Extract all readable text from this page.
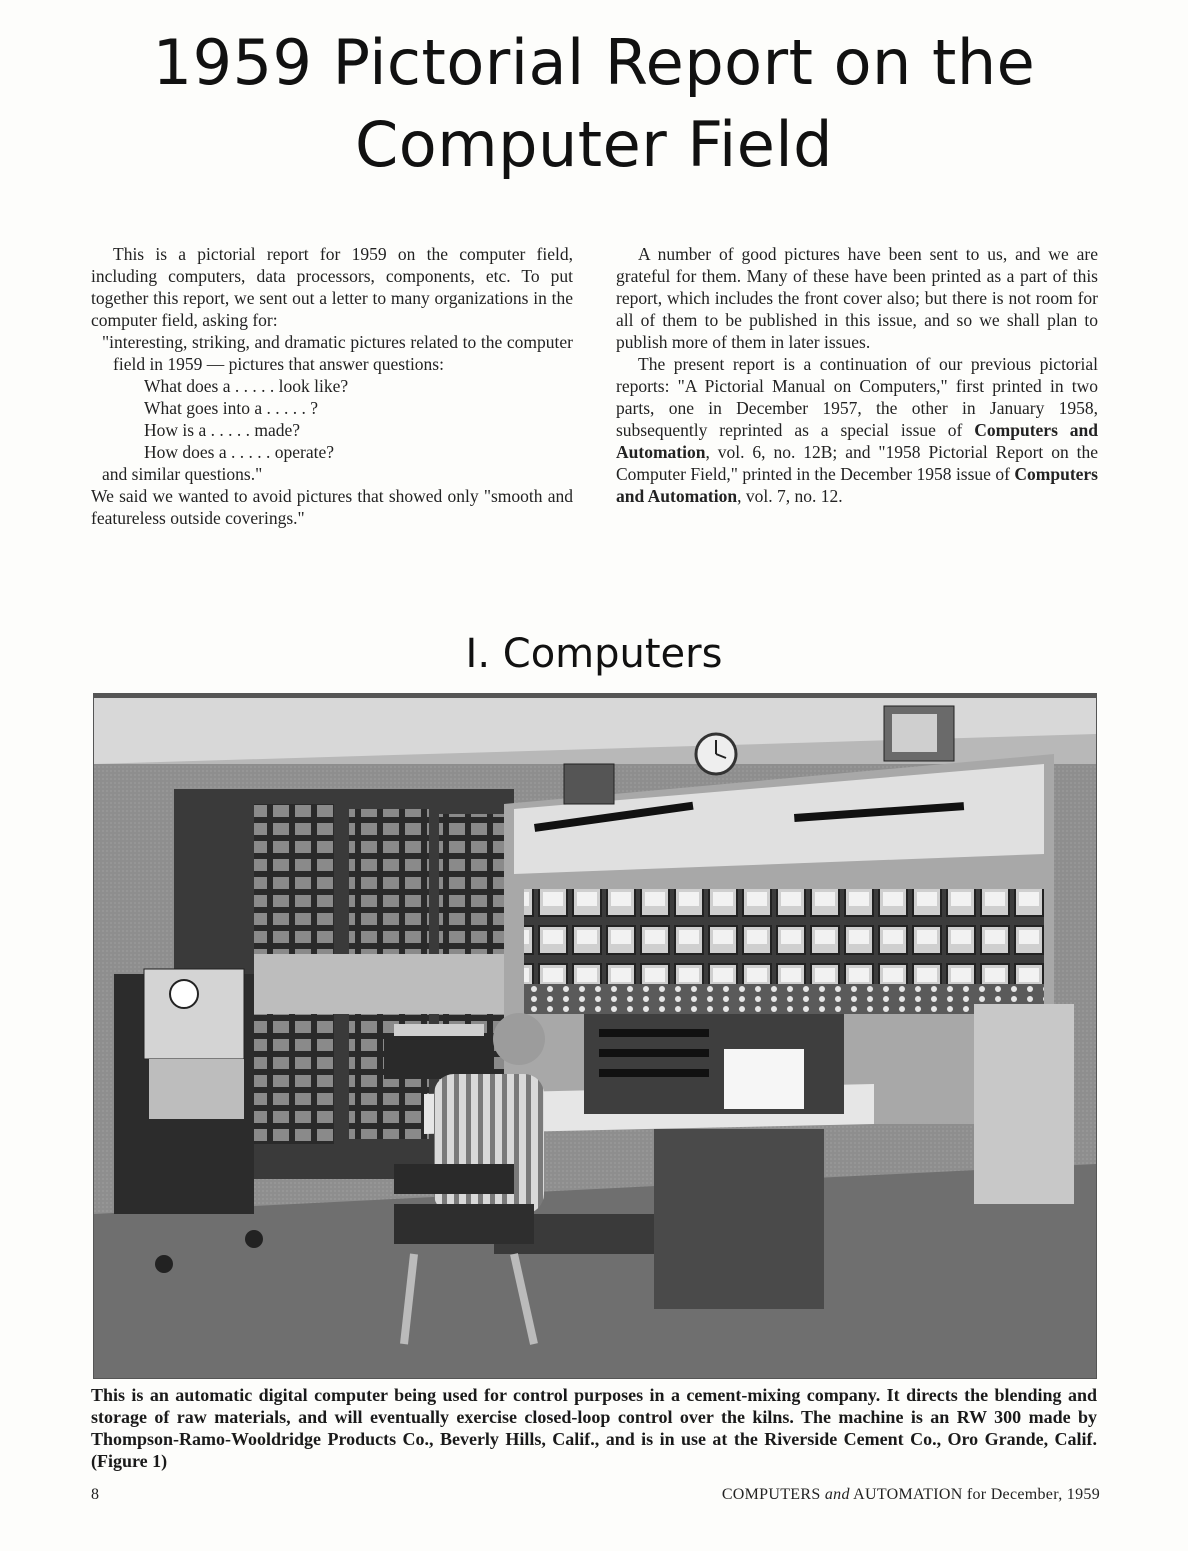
1959 Pictorial Report on the
Computer Field

This is a pictorial report for 1959 on the computer field, including computers, data processors, components, etc. To put together this report, we sent out a letter to many organizations in the computer field, asking for:

"interesting, striking, and dramatic pictures related to the computer field in 1959 — pictures that answer questions:
What does a . . . . . look like?
What goes into a . . . . . ?
How is a . . . . . made?
How does a . . . . . operate?
and similar questions."

We said we wanted to avoid pictures that showed only "smooth and featureless outside coverings."

A number of good pictures have been sent to us, and we are grateful for them. Many of these have been printed as a part of this report, which includes the front cover also; but there is not room for all of them to be published in this issue, and so we shall plan to publish more of them in later issues.

The present report is a continuation of our previous pictorial reports: "A Pictorial Manual on Computers," first printed in two parts, one in December 1957, the other in January 1958, subsequently reprinted as a special issue of Computers and Automation, vol. 6, no. 12B; and "1958 Pictorial Report on the Computer Field," printed in the December 1958 issue of Computers and Automation, vol. 7, no. 12.

I. Computers
This is an automatic digital computer being used for control purposes in a cement-mixing company. It directs the blending and storage of raw materials, and will eventually exercise closed-loop control over the kilns. The machine is an RW 300 made by Thompson-Ramo-Wooldridge Products Co., Beverly Hills, Calif., and is in use at the Riverside Cement Co., Oro Grande, Calif. (Figure 1)
8	COMPUTERS and AUTOMATION for December, 1959
